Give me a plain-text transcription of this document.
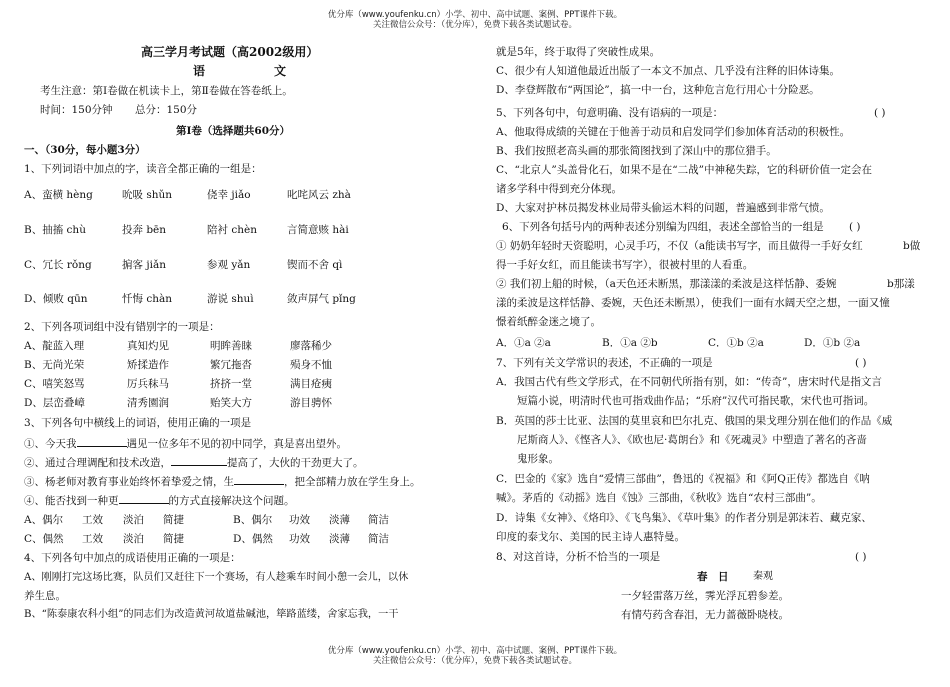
优分库（www.youfenku.cn）小学、初中、高中试题、案例、PPT课件下载。
关注微信公众号：（优分库），免费下载各类试题试卷。
高三学月考试题（高2002级用）
语	文
考生注意：第Ⅰ卷做在机读卡上，第Ⅱ卷做在答卷纸上。
时间：150分钟 总分：150分
第Ⅰ卷（选择题共60分）
一、（30分，每小题3分）
1、下列词语中加点的字，读音全都正确的一组是：
A、蛮横 hèng	吮吸 shǔn	侥幸 jiǎo	叱咤风云 zhà
B、抽搐 chù	投奔 bēn	陪衬 chèn	言简意赅 hài
C、冗长 rǒng	掮客 jiǎn	参观 yǎn	锲而不舍 qì
D、倾败 qūn	忏悔 chàn	游说 shuì	敛声屏气 pǐng
2、下列各项词组中没有错别字的一项是：
A、靛蓝入理	真知灼见	明眸善睐	廖落稀少
B、无尚光荣	矫揉造作	繁冗拖沓	殒身不恤
C、嘻笑怒骂	厉兵秣马	挤挤一堂	满目疮痍
D、层峦叠嶂	清秀園润	贻笑大方	游目骋怀
3、下列各句中横线上的词语，使用正确的一项是
①、今天我	遇见一位多年不见的初中同学，真是喜出望外。
②、通过合理调配和技术改造，	提高了，大伙的干劲更大了。
③、杨老师对教育事业始终怀着挚爱之情，生	，把全部精力放在学生身上。
④、能否找到一种更	的方式直接解决这个问题。
A、偶尔 工效 淡泊 简捷	B、偶尔 功效 淡薄 简洁
C、偶然 工效 淡泊 简捷	D、偶然 功效 淡薄 简洁
4、下列各句中加点的成语使用正确的一项是：
A、刚刚打完这场比赛，队员们又赶往下一个赛场，有人趁乘车时间小憩一会儿，以休
养生息。
B、“陈泰康农科小组”的同志们为改造黄河故道盐碱池，筚路蓝缕，舍家忘我，一干
就是5年，终于取得了突破性成果。
C、很少有人知道他最近出版了一本文不加点、几乎没有注释的旧体诗集。
D、李登辉散布“两国论”，搞一中一台，这种危言危行用心十分险恶。
5、下列各句中，句意明确、没有语病的一项是：	( )
A、他取得成绩的关键在于他善于动员和启发同学们参加体育活动的积极性。
B、我们按照老高头画的那张简图找到了深山中的那位猎手。
C、“北京人”头盖骨化石，如果不是在“二战”中神秘失踪，它的科研价值一定会在
诸多学科中得到充分体现。
D、大家对护林员揭发林业局带头偷运木料的问题，普遍感到非常气愤。
6、下列各句括号内的两种表述分别编为四组，表述全部恰当的一组是 ( )
① 奶奶年轻时天资聪明，心灵手巧，不仅（a能读书写字，而且做得一手好女红	b做
得一手好女红，而且能读书写字），很被村里的人看重。
② 我们初上船的时候，（a天色还未断黑，那漾漾的柔波是这样恬静、委婉	b那漾
漾的柔波是这样恬静、委婉，天色还未断黑），使我们一面有水阔天空之想，一面又憧
憬着纸醉金迷之境了。
A．①a ②a	B．①a ②b	C．①b ②a	D．①b ②a
7、下列有关文学常识的表述，不正确的一项是	( )
A．我国古代有些文学形式，在不同朝代所指有别，如：“传奇”，唐宋时代是指文言
短篇小说，明清时代也可指戏曲作品；“乐府”汉代可指民歌，宋代也可指词。
B．英国的莎士比亚、法国的莫里哀和巴尔扎克、俄国的果戈理分别在他们的作品《威
尼斯商人》、《悭吝人》、《欧也尼·葛朗台》和《死魂灵》中塑造了著名的吝啬
鬼形象。
C．巴金的《家》选自“爱情三部曲”，鲁迅的《祝福》和《阿Q正传》都选自《呐
喊》。茅盾的《动摇》选自《蚀》三部曲，《秋收》选自“农村三部曲”。
D．诗集《女神》、《烙印》、《飞鸟集》、《草叶集》的作者分别是郭沫若、藏克家、
印度的泰戈尔、美国的民主诗人惠特曼。
8、对这首诗，分析不恰当的一项是	( )
春　日 秦观
一夕轻雷落万丝，霁光浮瓦碧参差。
有情芍药含春泪，无力蔷薇卧晓枝。
优分库（www.youfenku.cn）小学、初中、高中试题、案例、PPT课件下载。
关注微信公众号：（优分库），免费下载各类试题试卷。
